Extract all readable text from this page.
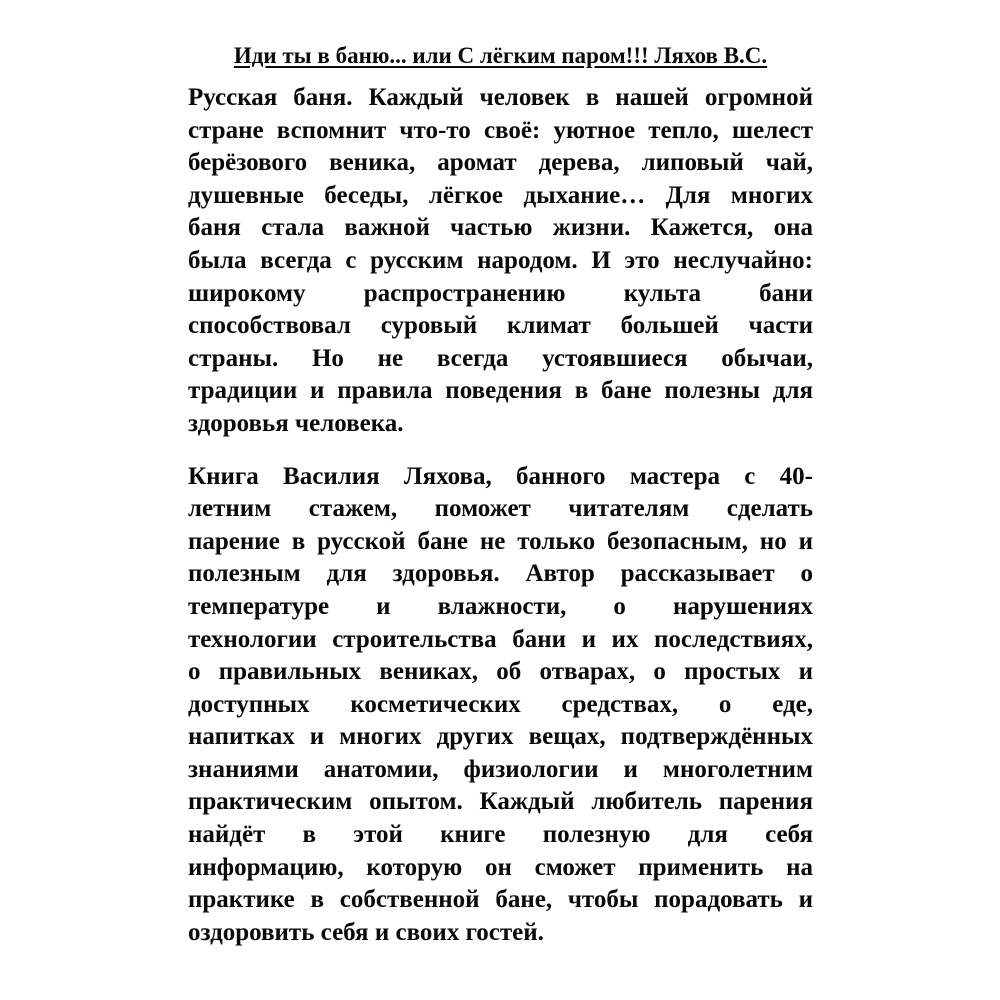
Иди ты в баню... или С лёгким паром!!! Ляхов В.С.

Русская баня. Каждый человек в нашей огромной
стране вспомнит что-то своё: уютное тепло, шелест
берёзового веника, аромат дерева, липовый чай,
душевные беседы, лёгкое дыхание… Для многих
баня стала важной частью жизни. Кажется, она
была всегда с русским народом. И это неслучайно:
широкому распространению культа бани
способствовал суровый климат большей части
страны. Но не всегда устоявшиеся обычаи,
традиции и правила поведения в бане полезны для
здоровья человека.

Книга Василия Ляхова, банного мастера с 40-
летним стажем, поможет читателям сделать
парение в русской бане не только безопасным, но и
полезным для здоровья. Автор рассказывает о
температуре и влажности, о нарушениях
технологии строительства бани и их последствиях,
о правильных вениках, об отварах, о простых и
доступных косметических средствах, о еде,
напитках и многих других вещах, подтверждённых
знаниями анатомии, физиологии и многолетним
практическим опытом. Каждый любитель парения
найдёт в этой книге полезную для себя
информацию, которую он сможет применить на
практике в собственной бане, чтобы порадовать и
оздоровить себя и своих гостей.
